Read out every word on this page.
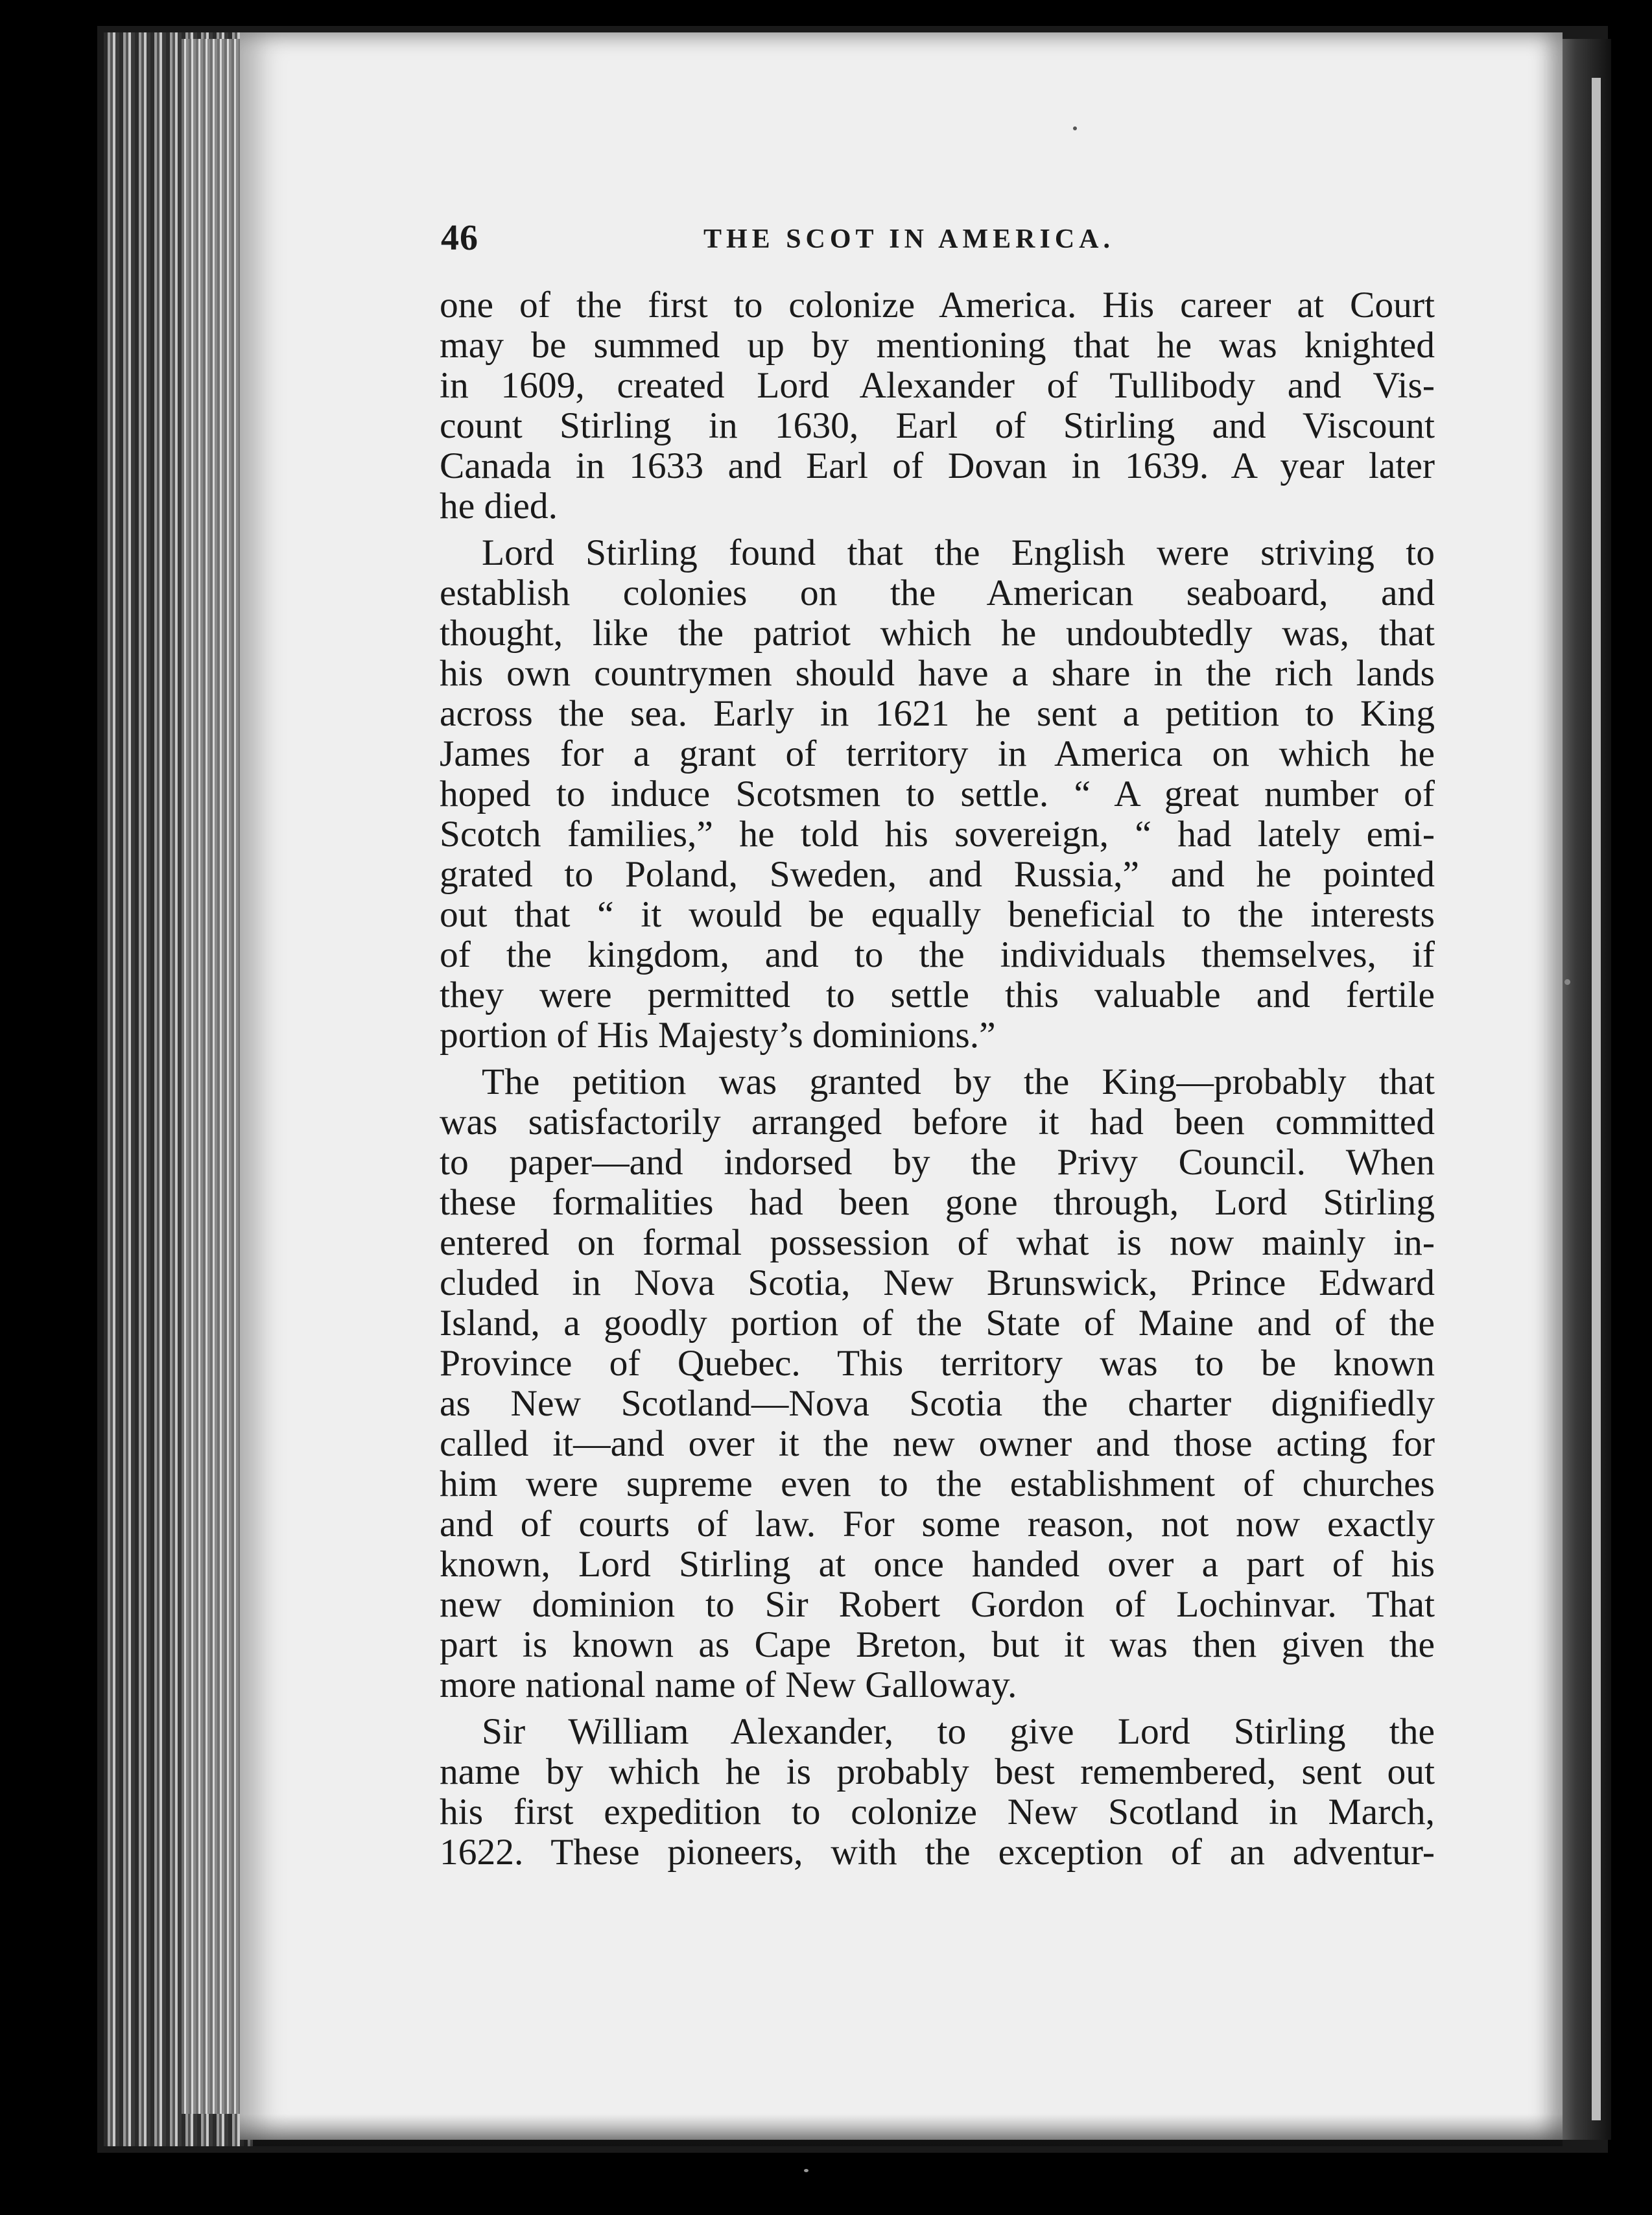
46	THE SCOT IN AMERICA.
one of the first to colonize America. His career at Court
may be summed up by mentioning that he was knighted
in 1609, created Lord Alexander of Tullibody and Vis-
count Stirling in 1630, Earl of Stirling and Viscount
Canada in 1633 and Earl of Dovan in 1639. A year later
he died.
Lord Stirling found that the English were striving to
establish colonies on the American seaboard, and
thought, like the patriot which he undoubtedly was, that
his own countrymen should have a share in the rich lands
across the sea. Early in 1621 he sent a petition to King
James for a grant of territory in America on which he
hoped to induce Scotsmen to settle. “ A great number of
Scotch families,” he told his sovereign, “ had lately emi-
grated to Poland, Sweden, and Russia,” and he pointed
out that “ it would be equally beneficial to the interests
of the kingdom, and to the individuals themselves, if
they were permitted to settle this valuable and fertile
portion of His Majesty’s dominions.”
The petition was granted by the King—probably that
was satisfactorily arranged before it had been committed
to paper—and indorsed by the Privy Council. When
these formalities had been gone through, Lord Stirling
entered on formal possession of what is now mainly in-
cluded in Nova Scotia, New Brunswick, Prince Edward
Island, a goodly portion of the State of Maine and of the
Province of Quebec. This territory was to be known
as New Scotland—Nova Scotia the charter dignifiedly
called it—and over it the new owner and those acting for
him were supreme even to the establishment of churches
and of courts of law. For some reason, not now exactly
known, Lord Stirling at once handed over a part of his
new dominion to Sir Robert Gordon of Lochinvar. That
part is known as Cape Breton, but it was then given the
more national name of New Galloway.
Sir William Alexander, to give Lord Stirling the
name by which he is probably best remembered, sent out
his first expedition to colonize New Scotland in March,
1622. These pioneers, with the exception of an adventur-
